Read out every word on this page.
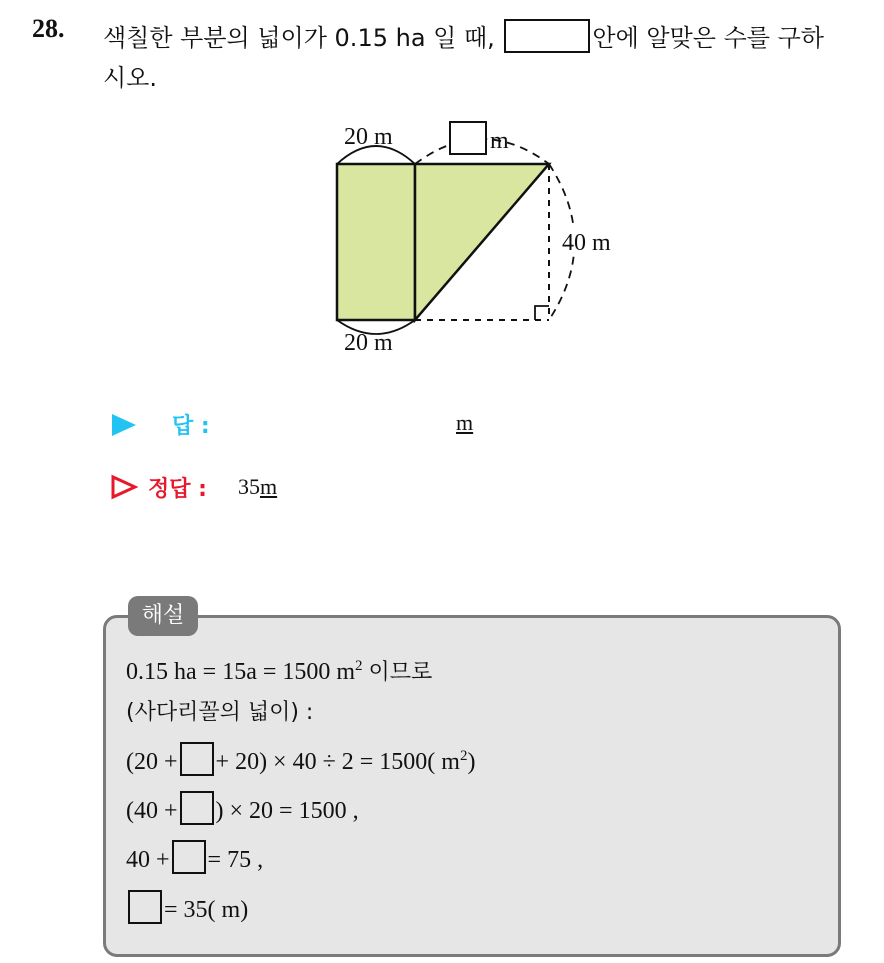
28. 색칠한 부분의 넓이가 0.15 ha 일 때,	안에 알맞은 수를 구하
시오.
20 m	m
40 m
20 m
답 :	m
정답 : 35m
해설
0.15 ha = 15a = 1500 $m^2$ 이므로
(사다리꼴의 넓이) :
(20 + + 20) × 40 ÷ 2 = 1500( $m^2$)
(40 + ) × 20 = 1500 ,
40 + = 75 ,
= 35( m)
